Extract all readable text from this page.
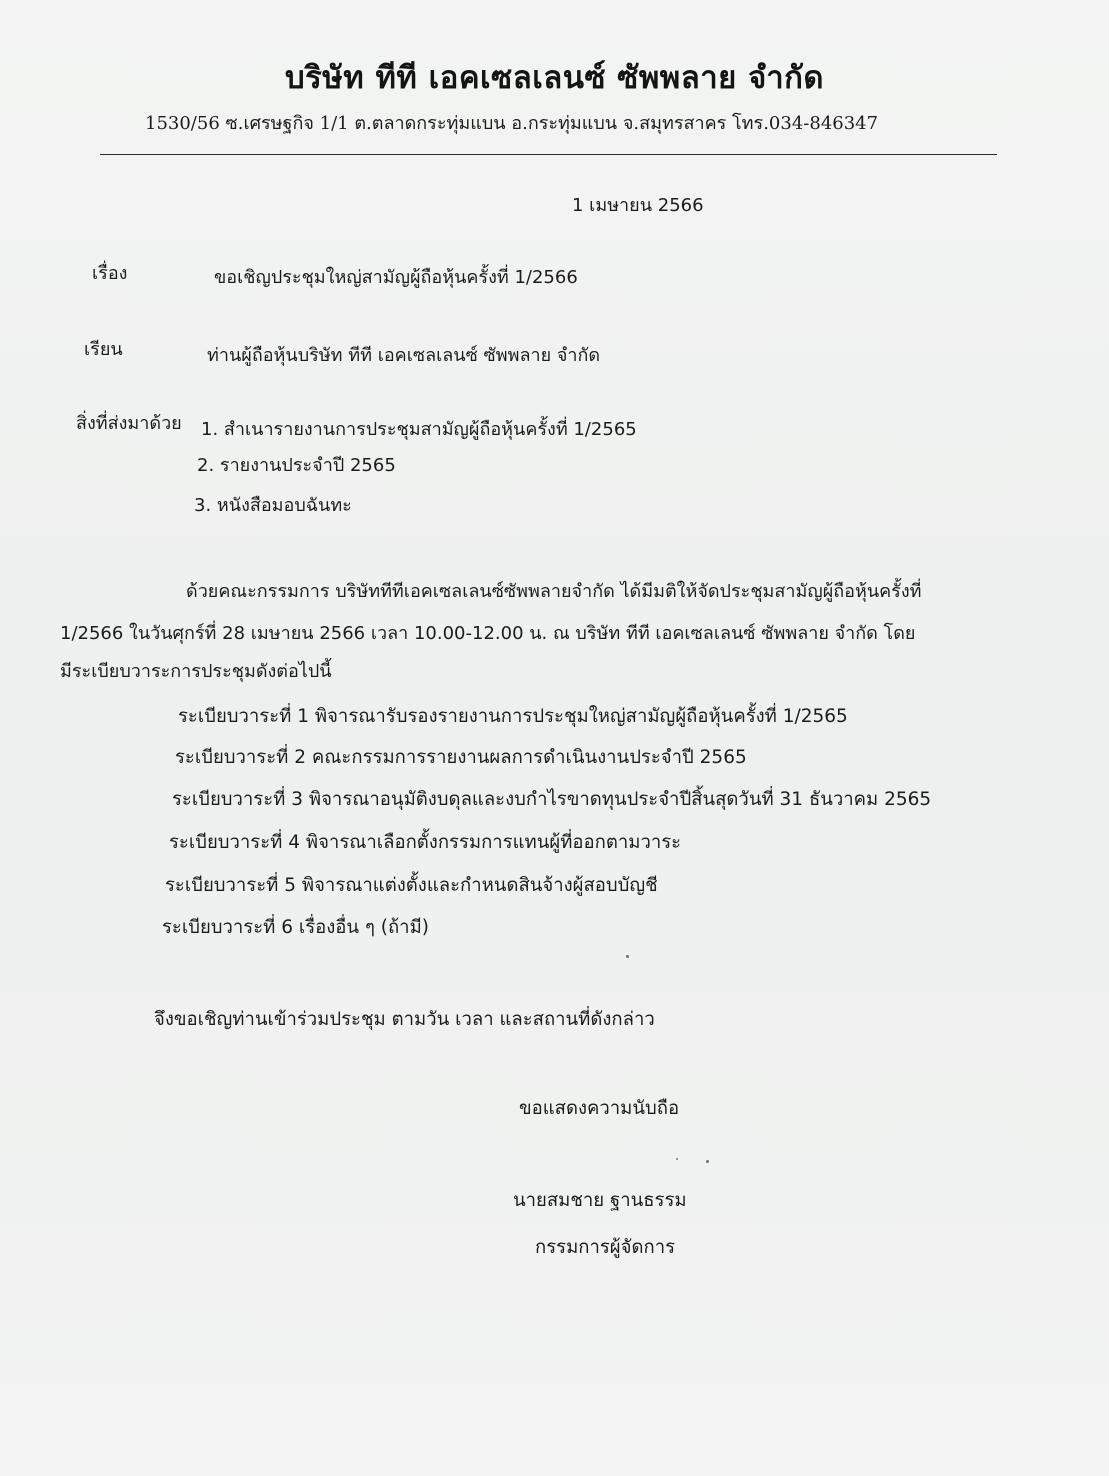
บริษัท ทีที เอคเซลเลนซ์ ซัพพลาย จำกัด
1530/56 ซ.เศรษฐกิจ 1/1 ต.ตลาดกระทุ่มแบน อ.กระทุ่มแบน จ.สมุทรสาคร โทร.034-846347
1 เมษายน 2566
เรื่อง	ขอเชิญประชุมใหญ่สามัญผู้ถือหุ้นครั้งที่ 1/2566
เรียน	ท่านผู้ถือหุ้นบริษัท ทีที เอคเซลเลนซ์ ซัพพลาย จำกัด
สิ่งที่ส่งมาด้วย 1. สำเนารายงานการประชุมสามัญผู้ถือหุ้นครั้งที่ 1/2565
2. รายงานประจำปี 2565
3. หนังสือมอบฉันทะ
ด้วยคณะกรรมการ บริษัททีทีเอคเซลเลนซ์ซัพพลายจำกัด ได้มีมติให้จัดประชุมสามัญผู้ถือหุ้นครั้งที่
1/2566 ในวันศุกร์ที่ 28 เมษายน 2566 เวลา 10.00-12.00 น. ณ บริษัท ทีที เอคเซลเลนซ์ ซัพพลาย จำกัด โดย
มีระเบียบวาระการประชุมดังต่อไปนี้
ระเบียบวาระที่ 1 พิจารณารับรองรายงานการประชุมใหญ่สามัญผู้ถือหุ้นครั้งที่ 1/2565
ระเบียบวาระที่ 2 คณะกรรมการรายงานผลการดำเนินงานประจำปี 2565
ระเบียบวาระที่ 3 พิจารณาอนุมัติงบดุลและงบกำไรขาดทุนประจำปีสิ้นสุดวันที่ 31 ธันวาคม 2565
ระเบียบวาระที่ 4 พิจารณาเลือกตั้งกรรมการแทนผู้ที่ออกตามวาระ
ระเบียบวาระที่ 5 พิจารณาแต่งตั้งและกำหนดสินจ้างผู้สอบบัญชี
ระเบียบวาระที่ 6 เรื่องอื่น ๆ (ถ้ามี)
จึงขอเชิญท่านเข้าร่วมประชุม ตามวัน เวลา และสถานที่ดังกล่าว
ขอแสดงความนับถือ
นายสมชาย ฐานธรรม
กรรมการผู้จัดการ
